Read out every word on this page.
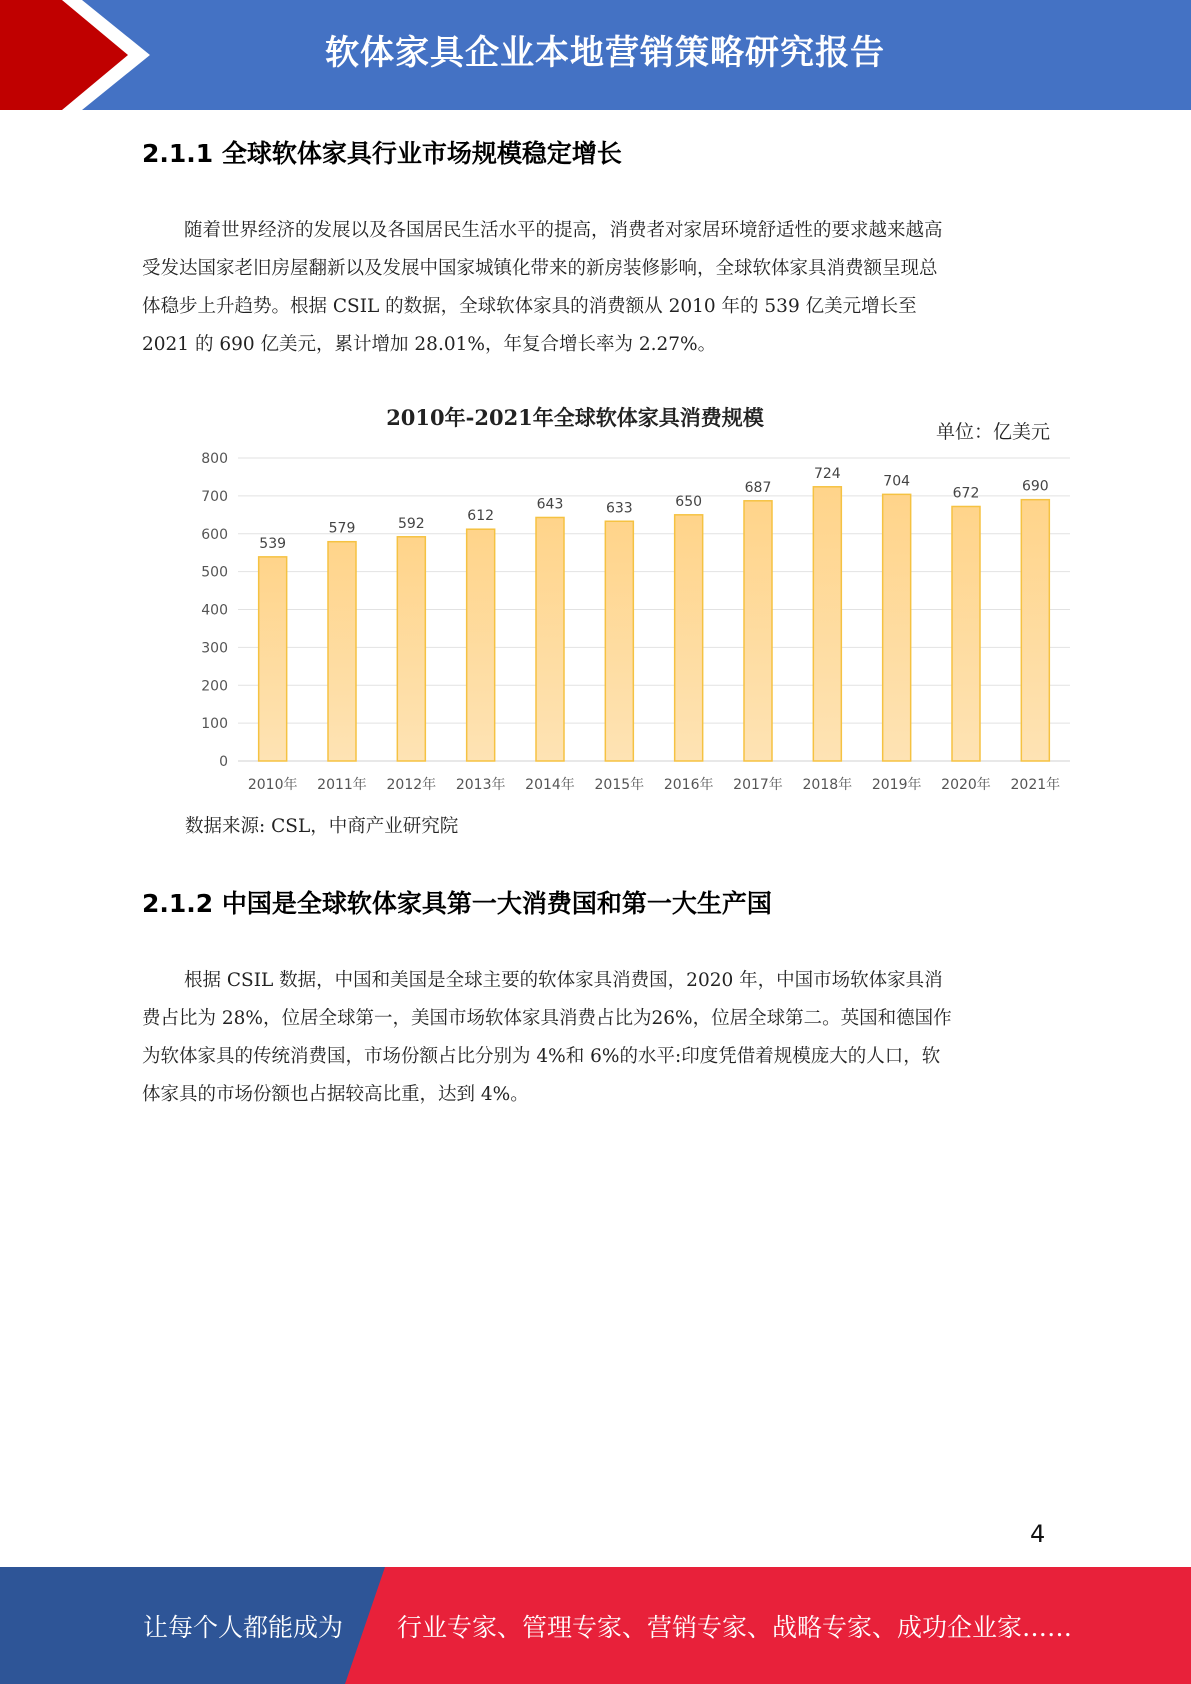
软体家具企业本地营销策略研究报告
2.1.1 全球软体家具行业市场规模稳定增长
随着世界经济的发展以及各国居民生活水平的提高，消费者对家居环境舒适性的要求越来越高
受发达国家老旧房屋翻新以及发展中国家城镇化带来的新房装修影响，全球软体家具消费额呈现总
体稳步上升趋势。根据 CSIL 的数据，全球软体家具的消费额从 2010 年的 539 亿美元增长至
2021 的 690 亿美元，累计增加 28.01%，年复合增长率为 2.27%。
2010年-2021年全球软体家具消费规模
0
100
200
300
400
500
600
700
800
539
2010年
579
2011年
592
2012年
612
2013年
643
2014年
633
2015年
650
2016年
687
2017年
724
2018年
704
2019年
672
2020年
690
2021年
单位：亿美元
数据来源: CSL，中商产业研究院
2.1.2 中国是全球软体家具第一大消费国和第一大生产国
根据 CSIL 数据，中国和美国是全球主要的软体家具消费国，2020 年，中国市场软体家具消
费占比为 28%，位居全球第一，美国市场软体家具消费占比为26%，位居全球第二。英国和德国作
为软体家具的传统消费国，市场份额占比分别为 4%和 6%的水平:印度凭借着规模庞大的人口，软
体家具的市场份额也占据较高比重，达到 4%。
4
让每个人都能成为 行业专家、管理专家、营销专家、战略专家、成功企业家……
